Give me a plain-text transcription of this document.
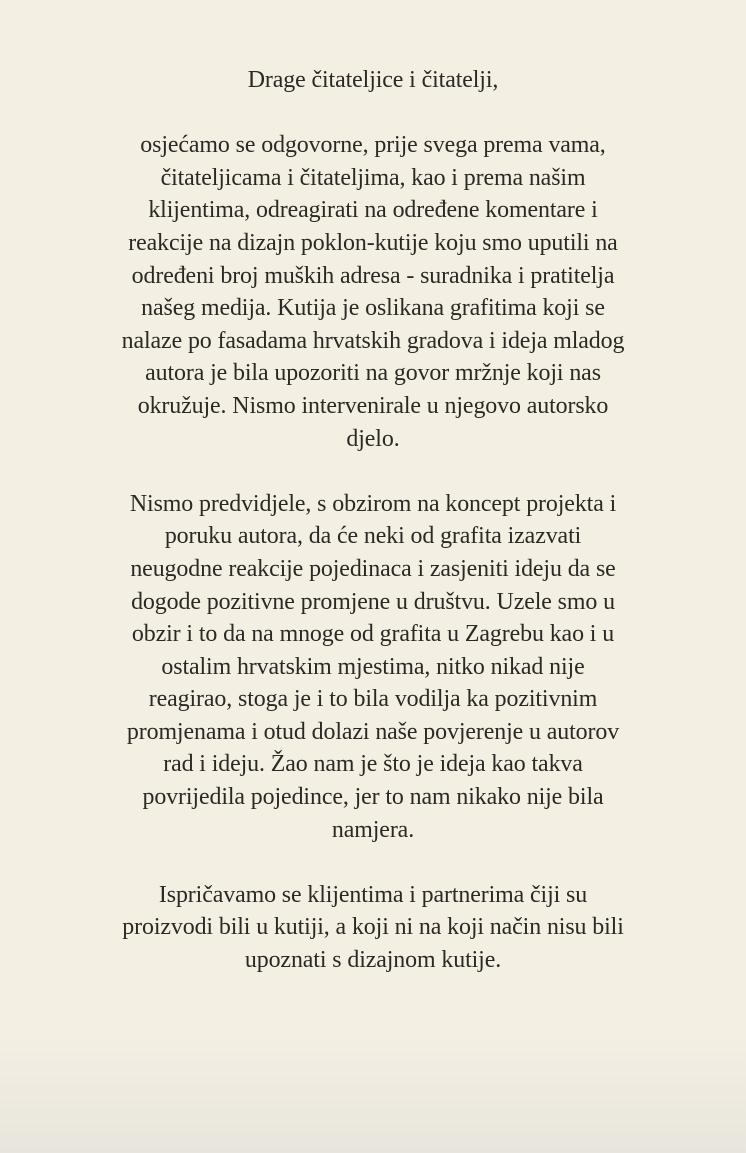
Drage čitateljice i čitatelji,
osjećamo se odgovorne, prije svega prema vama,
čitateljicama i čitateljima, kao i prema našim
klijentima, odreagirati na određene komentare i
reakcije na dizajn poklon-kutije koju smo uputili na
određeni broj muških adresa - suradnika i pratitelja
našeg medija. Kutija je oslikana grafitima koji se
nalaze po fasadama hrvatskih gradova i ideja mladog
autora je bila upozoriti na govor mržnje koji nas
okružuje. Nismo intervenirale u njegovo autorsko
djelo.
Nismo predvidjele, s obzirom na koncept projekta i
poruku autora, da će neki od grafita izazvati
neugodne reakcije pojedinaca i zasjeniti ideju da se
dogode pozitivne promjene u društvu. Uzele smo u
obzir i to da na mnoge od grafita u Zagrebu kao i u
ostalim hrvatskim mjestima, nitko nikad nije
reagirao, stoga je i to bila vodilja ka pozitivnim
promjenama i otud dolazi naše povjerenje u autorov
rad i ideju. Žao nam je što je ideja kao takva
povrijedila pojedince, jer to nam nikako nije bila
namjera.
Ispričavamo se klijentima i partnerima čiji su
proizvodi bili u kutiji, a koji ni na koji način nisu bili
upoznati s dizajnom kutije.
